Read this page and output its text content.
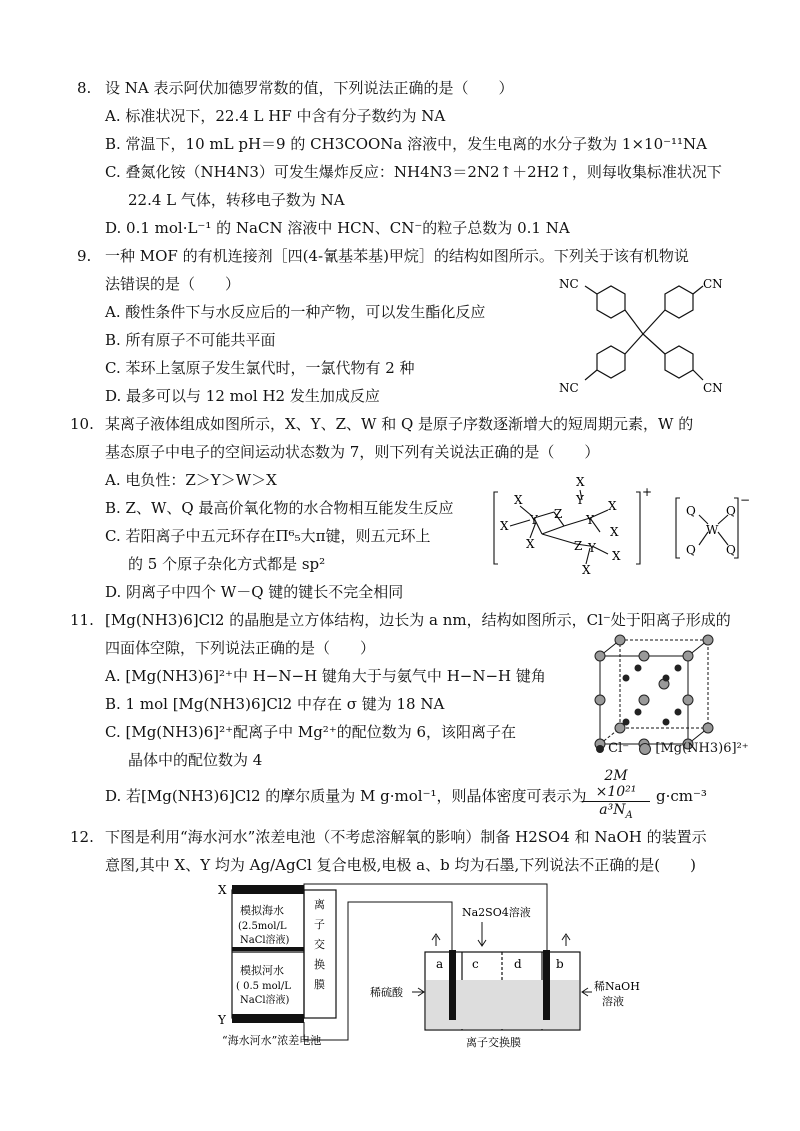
8. 设 NA 表示阿伏加德罗常数的值，下列说法正确的是（　　）
A. 标准状况下，22.4 L HF 中含有分子数约为 NA
B. 常温下，10 mL pH＝9 的 CH3COONa 溶液中，发生电离的水分子数为 1×10⁻¹¹NA
C. 叠氮化铵（NH4N3）可发生爆炸反应：NH4N3＝2N2↑＋2H2↑，则每收集标准状况下
22.4 L 气体，转移电子数为 NA
D. 0.1 mol·L⁻¹ 的 NaCN 溶液中 HCN、CN⁻的粒子总数为 0.1 NA
9. 一种 MOF 的有机连接剂［四(4-氰基苯基)甲烷］的结构如图所示。下列关于该有机物说
法错误的是（　　）
A. 酸性条件下与水反应后的一种产物，可以发生酯化反应
B. 所有原子不可能共平面
C. 苯环上氢原子发生氯代时，一氯代物有 2 种
D. 最多可以与 12 mol H2 发生加成反应
NC	CN
NC	CN
10. 某离子液体组成如图所示，X、Y、Z、W 和 Q 是原子序数逐渐增大的短周期元素，W 的
基态原子中电子的空间运动状态数为 7，则下列有关说法正确的是（　　）
A. 电负性：Z＞Y＞W＞X
B. Z、W、Q 最高价氧化物的水合物相互能发生反应
C. 若阳离子中五元环存在Π⁶₅大π键，则五元环上
的 5 个原子杂化方式都是 sp²
D. 阴离子中四个 W－Q 键的键长不完全相同
X
Y
X
X
Y
Z
X
X
Y
Z
X
Y
X
X
+
Q	Q
W
Q	Q
−
11. [Mg(NH3)6]Cl2 的晶胞是立方体结构，边长为 a nm，结构如图所示，Cl⁻处于阳离子形成的
四面体空隙，下列说法正确的是（　　）
A. [Mg(NH3)6]²⁺中 H−N−H 键角大于与氨气中 H−N−H 键角
B. 1 mol [Mg(NH3)6]Cl2 中存在 σ 键为 18 NA
C. [Mg(NH3)6]²⁺配离子中 Mg²⁺的配位数为 6，该阳离子在
晶体中的配位数为 4
D. 若[Mg(NH3)6]Cl2 的摩尔质量为 M g·mol⁻¹，则晶体密度可表示为
$\frac{\text{2M ×10²¹}}{a^3N_A} g\cdot cm^{-3}$
Cl⁻ [Mg(NH3)6]²⁺
12. 下图是利用“海水河水”浓差电池（不考虑溶解氧的影响）制备 H2SO4 和 NaOH 的装置示
意图,其中 X、Y 均为 Ag/AgCl 复合电极,电极 a、b 均为石墨,下列说法不正确的是(　　)
X
Y
模拟海水
(2.5mol/L
NaCl溶液)
模拟河水
( 0.5 mol/L
NaCl溶液)
离
子
交
换
膜
“海水河水”浓差电池
a c	d	b
Na2SO4溶液
稀硫酸	稀NaOH
溶液
离子交换膜
